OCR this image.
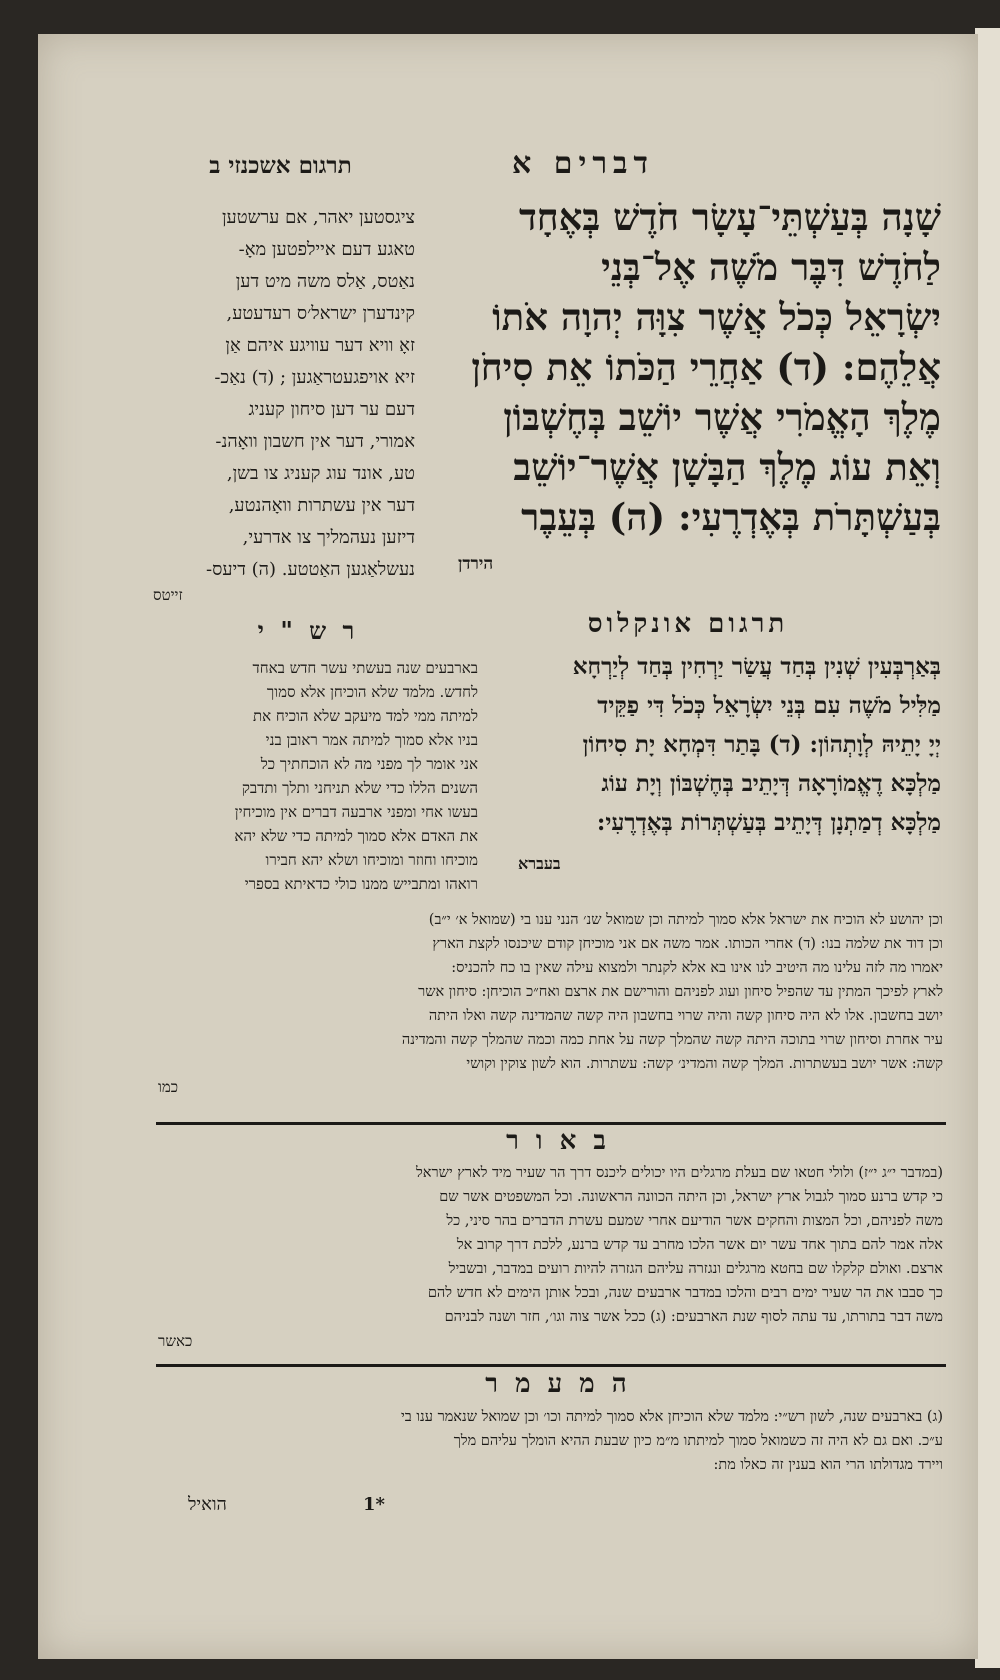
דברים א
תרגום אשכנזי ב
שָׁנָה בְּעַשְׁתֵּי־עָשָׂר חֹדֶשׁ בְּאֶחָד
לַחֹדֶשׁ דִּבֶּר מֹשֶׁה אֶל־בְּנֵי
יִשְׂרָאֵל כְּכֹל אֲשֶׁר צִוָּה יְהוָה אֹתוֹ
אֲלֵהֶם: (ד) אַחֲרֵי הַכֹּתוֹ אֵת סִיחֹן
מֶלֶךְ הָאֱמֹרִי אֲשֶׁר יוֹשֵׁב בְּחֶשְׁבּוֹן
וְאֵת עוֹג מֶלֶךְ הַבָּשָׁן אֲשֶׁר־יוֹשֵׁב
בְּעַשְׁתָּרֹת בְּאֶדְרֶעִי: (ה) בְּעֵבֶר
הירדן
ציגסטען יאהר, אם ערשטען
טאגע דעם איילפטען מאָ-
נאַטס, אַלס משה מיט דען
קינדערן ישראל׳ס רעדעטע,
זאָ וויא דער עוויגע איהם אַן
זיא אויפגעטראַגען ; (ד) נאַכ-
דעם ער דען סיחון קעניג
אמורי, דער אין חשבון וואָהנ-
טע, אונד עוג קעניג צו בשן,
דער אין עשתרות וואָהנטע,
דיזען נעהמליך צו אדרעי,
נעשלאַגען האַטטע. (ה) דיעס-
זייטס
תרגום אונקלוס
בְּאַרְבְּעִין שְׁנִין בְּחַד עֲשַׂר יַרְחִין בְּחַד לְיַרְחָא
מַלִּיל מֹשֶׁה עִם בְּנֵי יִשְׂרָאֵל כְּכֹל דִּי פַקֵּיד
יְיָ יָתֵיהּ לְוָתְהוֹן: (ד) בָּתַר דִּמְחָא יָת סִיחוֹן
מַלְכָּא דֶאֱמוֹרָאָה דְּיָתֵיב בְּחֶשְׁבּוֹן וְיָת עוֹג
מַלְכָּא דְמַתְנָן דְּיָתֵיב בְּעַשְׁתְּרוֹת בְּאֶדְרֶעִי:
בעברא
ר ש " י
בארבעים שנה בעשתי עשר חדש באחד
לחדש. מלמד שלא הוכיחן אלא סמוך
למיתה ממי למד מיעקב שלא הוכיח את
בניו אלא סמוך למיתה אמר ראובן בני
אני אומר לך מפני מה לא הוכחתיך כל
השנים הללו כדי שלא תניחני ותלך ותדבק
בעשו אחי ומפני ארבעה דברים אין מוכיחין
את האדם אלא סמוך למיתה כדי שלא יהא
מוכיחו וחוזר ומוכיחו ושלא יהא חבירו
רואהו ומתבייש ממנו כולי כדאיתא בספרי
וכן יהושע לא הוכיח את ישראל אלא סמוך למיתה וכן שמואל שנ׳ הנני ענו בי (שמואל א׳ י״ב)
וכן דוד את שלמה בנו: (ד) אחרי הכותו. אמר משה אם אני מוכיחן קודם שיכנסו לקצת הארץ
יאמרו מה לזה עלינו מה היטיב לנו אינו בא אלא לקנתר ולמצוא עילה שאין בו כח להכניס:
לארץ לפיכך המתין עד שהפיל סיחון ועוג לפניהם והורישם את ארצם ואח״כ הוכיחן: סיחון אשר
יושב בחשבון. אלו לא היה סיחון קשה והיה שרוי בחשבון היה קשה שהמדינה קשה ואלו היתה
עיר אחרת וסיחון שרוי בתוכה היתה קשה שהמלך קשה על אחת כמה וכמה שהמלך קשה והמדינה
קשה: אשר יושב בעשתרות. המלך קשה והמדינ׳ קשה: עשתרות. הוא לשון צוקין וקושי
כמו
ב א ו ר
(במדבר י״ג י״ז) ולולי חטאו שם בעלת מרגלים היו יכולים ליכנס דרך הר שעיר מיד לארץ ישראל
כי קדש ברנע סמוך לגבול ארץ ישראל, וכן היתה הכוונה הראשונה. וכל המשפטים אשר שם
משה לפניהם, וכל המצות והחקים אשר הודיעם אחרי שמעם עשרת הדברים בהר סיני, כל
אלה אמר להם בתוך אחד עשר יום אשר הלכו מחרב עד קדש ברנע, ללכת דרך קרוב אל
ארצם. ואולם קלקלו שם בחטא מרגלים ונגזרה עליהם הגזרה להיות רועים במדבר, ובשביל
כך סבבו את הר שעיר ימים רבים והלכו במדבר ארבעים שנה, ובכל אותן הימים לא חדש להם
משה דבר בתורתו, עד עתה לסוף שנת הארבעים: (ג) ככל אשר צוה וגו׳, חזר ושנה לבניהם
כאשר
ה מ ע מ ר
(ג) בארבעים שנה, לשון רש״י: מלמד שלא הוכיחן אלא סמוך למיתה וכו׳ וכן שמואל שנאמר ענו בי
ע״כ. ואם גם לא היה זה כשמואל סמוך למיתתו מ״מ כיון שבעת ההיא הומלך עליהם מלך
ויירד מגדולתו הרי הוא בענין זה כאלו מת:
1*
הואיל
